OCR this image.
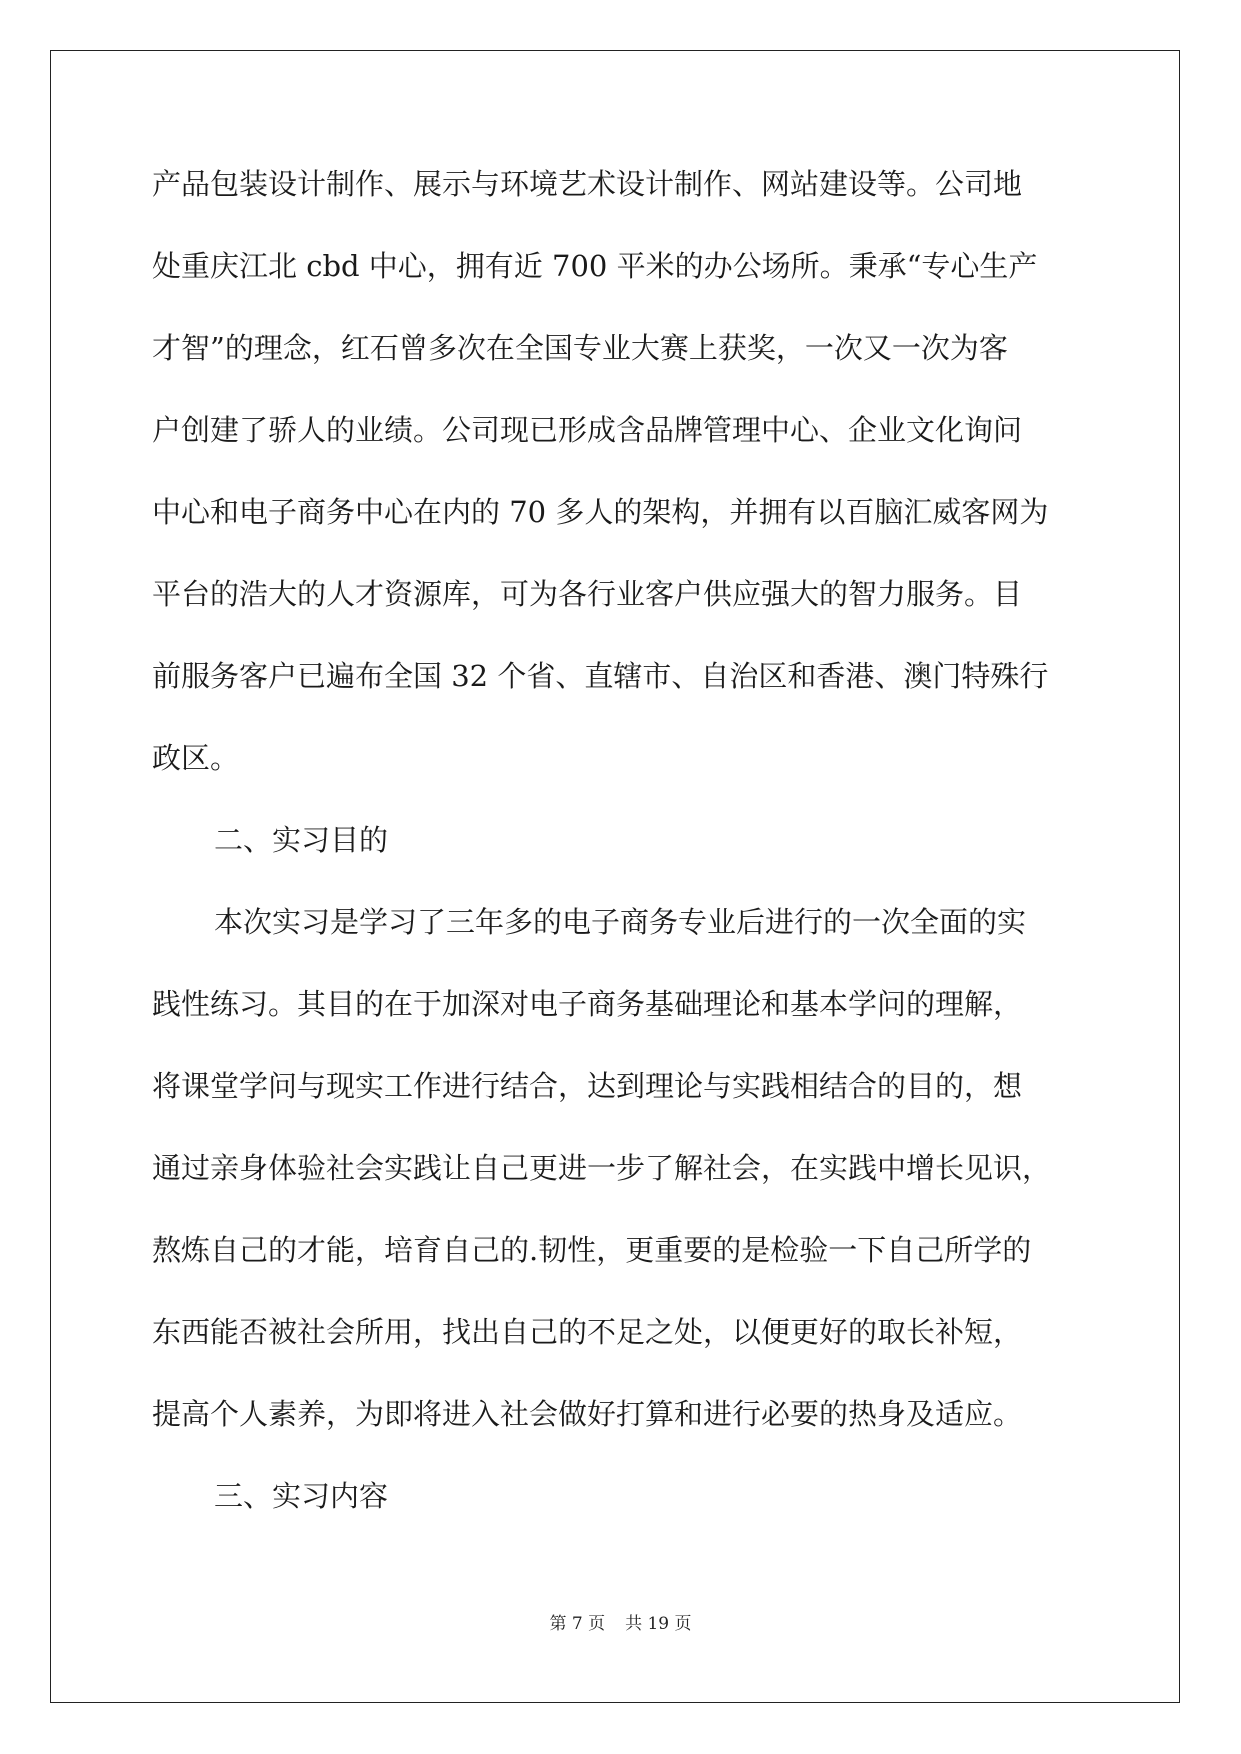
产品包装设计制作、展示与环境艺术设计制作、网站建设等。公司地
处重庆江北 cbd 中心，拥有近 700 平米的办公场所。秉承“专心生产
才智”的理念，红石曾多次在全国专业大赛上获奖，一次又一次为客
户创建了骄人的业绩。公司现已形成含品牌管理中心、企业文化询问
中心和电子商务中心在内的 70 多人的架构，并拥有以百脑汇威客网为
平台的浩大的人才资源库，可为各行业客户供应强大的智力服务。目
前服务客户已遍布全国 32 个省、直辖市、自治区和香港、澳门特殊行
政区。
二、实习目的
本次实习是学习了三年多的电子商务专业后进行的一次全面的实
践性练习。其目的在于加深对电子商务基础理论和基本学问的理解，
将课堂学问与现实工作进行结合，达到理论与实践相结合的目的，想
通过亲身体验社会实践让自己更进一步了解社会，在实践中增长见识，
熬炼自己的才能，培育自己的.韧性，更重要的是检验一下自己所学的
东西能否被社会所用，找出自己的不足之处，以便更好的取长补短，
提高个人素养，为即将进入社会做好打算和进行必要的热身及适应。
三、实习内容
第 7 页 共 19 页
